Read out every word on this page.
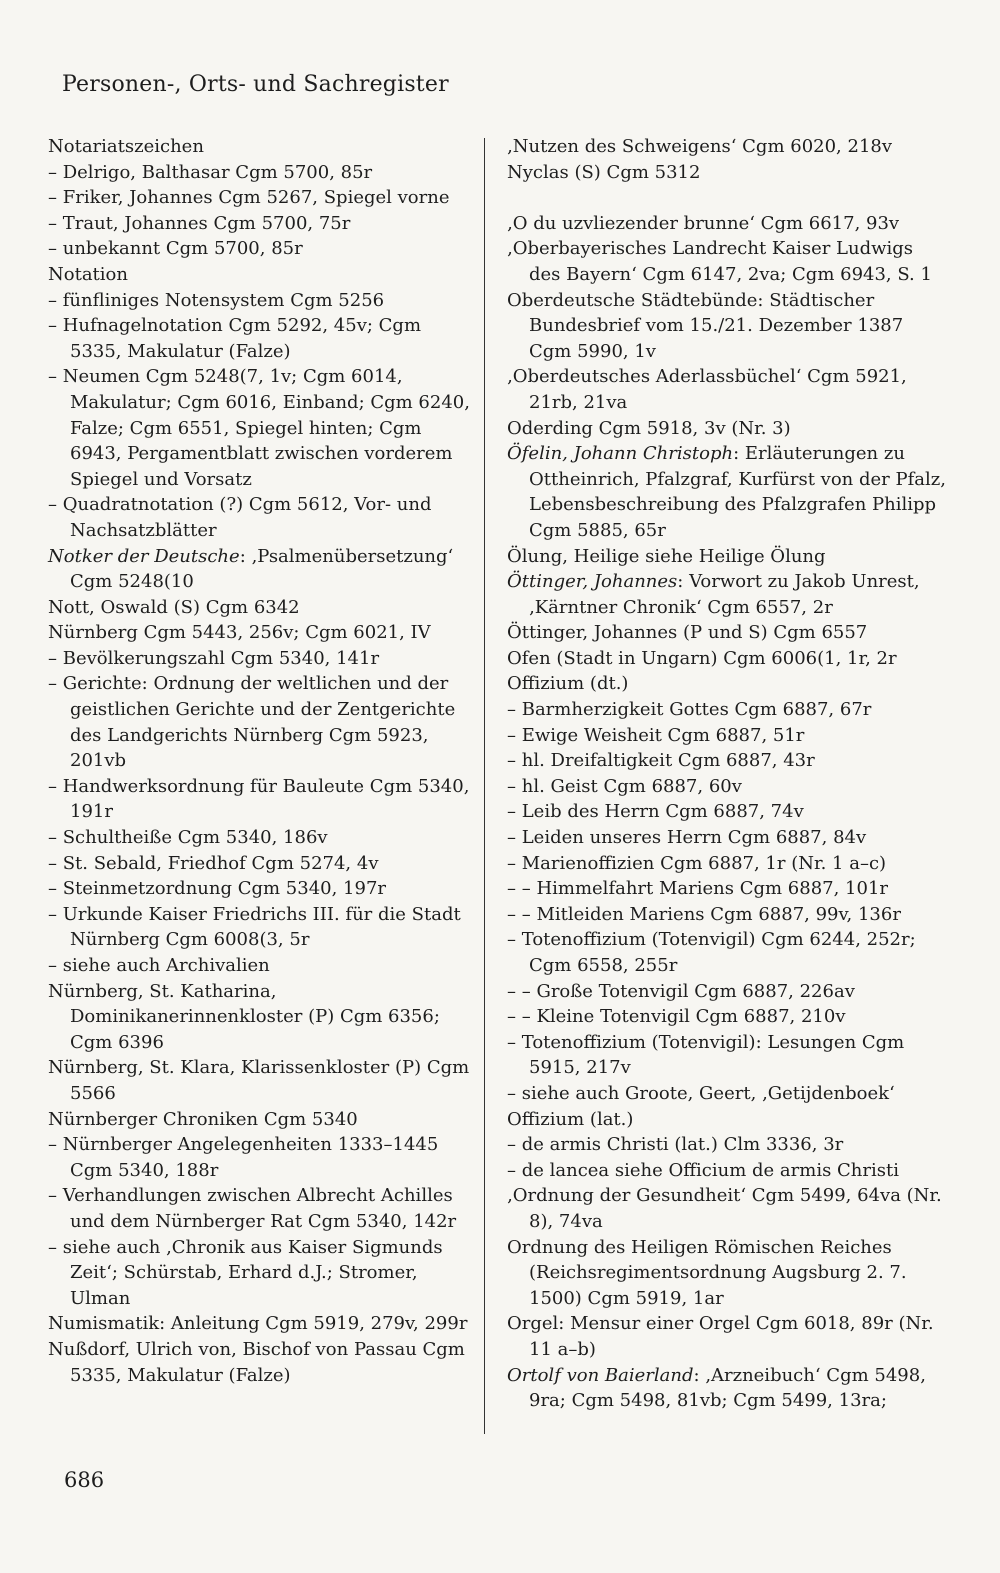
Personen-, Orts- und Sachregister
Notariatszeichen
– Delrigo, Balthasar Cgm 5700, 85r
– Friker, Johannes Cgm 5267, Spiegel vorne
– Traut, Johannes Cgm 5700, 75r
– unbekannt Cgm 5700, 85r
Notation
– fünfliniges Notensystem Cgm 5256
– Hufnagelnotation Cgm 5292, 45v; Cgm 5335, Makulatur (Falze)
– Neumen Cgm 5248(7, 1v; Cgm 6014, Makulatur; Cgm 6016, Einband; Cgm 6240, Falze; Cgm 6551, Spiegel hinten; Cgm 6943, Pergamentblatt zwischen vorderem Spiegel und Vorsatz
– Quadratnotation (?) Cgm 5612, Vor- und Nachsatzblätter
Notker der Deutsche: ‚Psalmenübersetzung‘ Cgm 5248(10
Nott, Oswald (S) Cgm 6342
Nürnberg Cgm 5443, 256v; Cgm 6021, IV
– Bevölkerungszahl Cgm 5340, 141r
– Gerichte: Ordnung der weltlichen und der geistlichen Gerichte und der Zentgerichte des Landgerichts Nürnberg Cgm 5923, 201vb
– Handwerksordnung für Bauleute Cgm 5340, 191r
– Schultheiße Cgm 5340, 186v
– St. Sebald, Friedhof Cgm 5274, 4v
– Steinmetzordnung Cgm 5340, 197r
– Urkunde Kaiser Friedrichs III. für die Stadt Nürnberg Cgm 6008(3, 5r
– siehe auch Archivalien
Nürnberg, St. Katharina, Dominikanerinnenkloster (P) Cgm 6356; Cgm 6396
Nürnberg, St. Klara, Klarissenkloster (P) Cgm 5566
Nürnberger Chroniken Cgm 5340
– Nürnberger Angelegenheiten 1333–1445 Cgm 5340, 188r
– Verhandlungen zwischen Albrecht Achilles und dem Nürnberger Rat Cgm 5340, 142r
– siehe auch ‚Chronik aus Kaiser Sigmunds Zeit‘; Schürstab, Erhard d.J.; Stromer, Ulman
Numismatik: Anleitung Cgm 5919, 279v, 299r
Nußdorf, Ulrich von, Bischof von Passau Cgm 5335, Makulatur (Falze)
‚Nutzen des Schweigens‘ Cgm 6020, 218v
Nyclas (S) Cgm 5312
‚O du uzvliezender brunne‘ Cgm 6617, 93v
‚Oberbayerisches Landrecht Kaiser Ludwigs des Bayern‘ Cgm 6147, 2va; Cgm 6943, S. 1
Oberdeutsche Städtebünde: Städtischer Bundesbrief vom 15./21. Dezember 1387 Cgm 5990, 1v
‚Oberdeutsches Aderlassbüchel‘ Cgm 5921, 21rb, 21va
Oderding Cgm 5918, 3v (Nr. 3)
Öfelin, Johann Christoph: Erläuterungen zu Ottheinrich, Pfalzgraf, Kurfürst von der Pfalz, Lebensbeschreibung des Pfalzgrafen Philipp Cgm 5885, 65r
Ölung, Heilige siehe Heilige Ölung
Öttinger, Johannes: Vorwort zu Jakob Unrest, ‚Kärntner Chronik‘ Cgm 6557, 2r
Öttinger, Johannes (P und S) Cgm 6557
Ofen (Stadt in Ungarn) Cgm 6006(1, 1r, 2r
Offizium (dt.)
– Barmherzigkeit Gottes Cgm 6887, 67r
– Ewige Weisheit Cgm 6887, 51r
– hl. Dreifaltigkeit Cgm 6887, 43r
– hl. Geist Cgm 6887, 60v
– Leib des Herrn Cgm 6887, 74v
– Leiden unseres Herrn Cgm 6887, 84v
– Marienoffizien Cgm 6887, 1r (Nr. 1 a–c)
– – Himmelfahrt Mariens Cgm 6887, 101r
– – Mitleiden Mariens Cgm 6887, 99v, 136r
– Totenoffizium (Totenvigil) Cgm 6244, 252r; Cgm 6558, 255r
– – Große Totenvigil Cgm 6887, 226av
– – Kleine Totenvigil Cgm 6887, 210v
– Totenoffizium (Totenvigil): Lesungen Cgm 5915, 217v
– siehe auch Groote, Geert, ‚Getijdenboek‘
Offizium (lat.)
– de armis Christi (lat.) Clm 3336, 3r
– de lancea siehe Officium de armis Christi
‚Ordnung der Gesundheit‘ Cgm 5499, 64va (Nr. 8), 74va
Ordnung des Heiligen Römischen Reiches (Reichsregimentsordnung Augsburg 2. 7. 1500) Cgm 5919, 1ar
Orgel: Mensur einer Orgel Cgm 6018, 89r (Nr. 11 a–b)
Ortolf von Baierland: ‚Arzneibuch‘ Cgm 5498, 9ra; Cgm 5498, 81vb; Cgm 5499, 13ra;
686
